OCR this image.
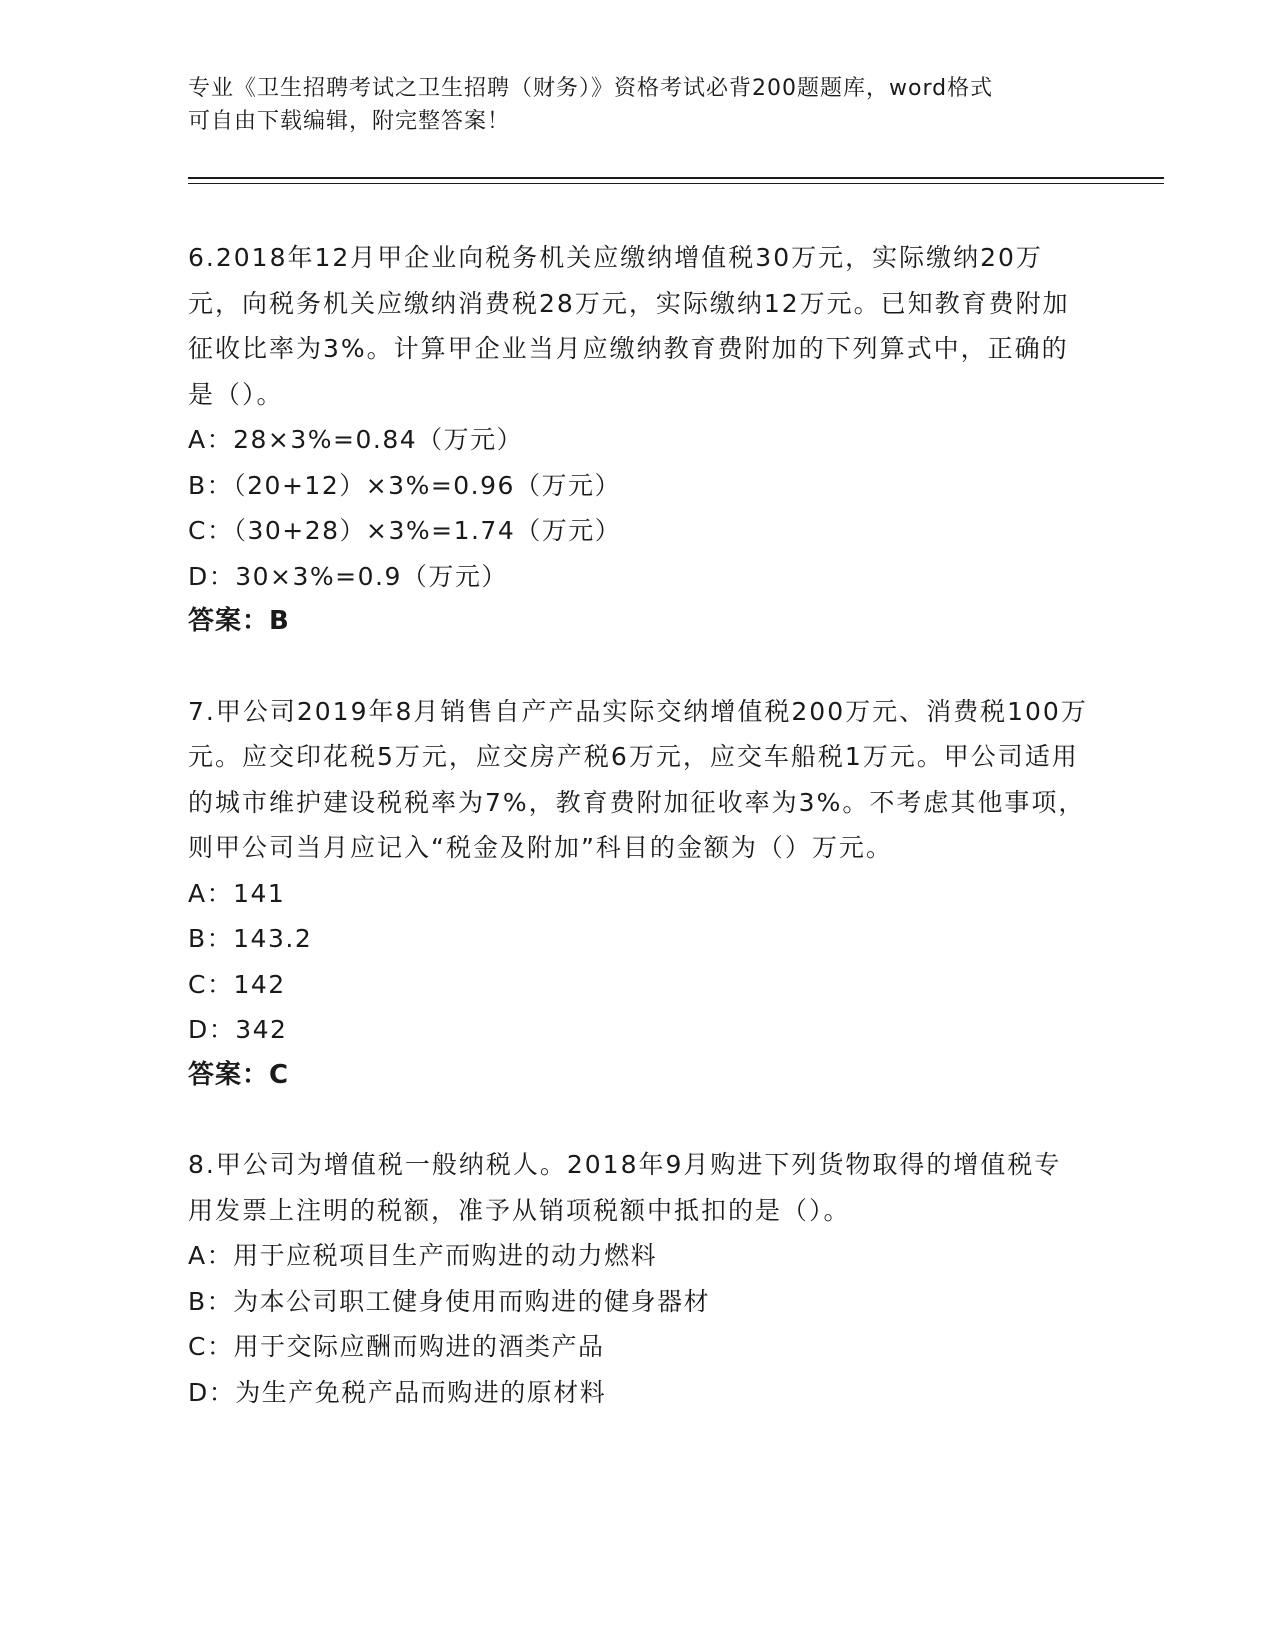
专业《卫生招聘考试之卫生招聘（财务）》资格考试必背200题题库，word格式
可自由下载编辑，附完整答案！

6.2018年12月甲企业向税务机关应缴纳增值税30万元，实际缴纳20万元，向税务机关应缴纳消费税28万元，实际缴纳12万元。已知教育费附加征收比率为3%。计算甲企业当月应缴纳教育费附加的下列算式中，正确的是（）。

A：28×3%=0.84（万元）

B：（20+12）×3%=0.96（万元）

C：（30+28）×3%=1.74（万元）

D：30×3%=0.9（万元）

答案：B

7.甲公司2019年8月销售自产产品实际交纳增值税200万元、消费税100万元。应交印花税5万元，应交房产税6万元，应交车船税1万元。甲公司适用的城市维护建设税税率为7%，教育费附加征收率为3%。不考虑其他事项，则甲公司当月应记入“税金及附加”科目的金额为（）万元。

A：141

B：143.2

C：142

D：342

答案：C

8.甲公司为增值税一般纳税人。2018年9月购进下列货物取得的增值税专用发票上注明的税额，准予从销项税额中抵扣的是（）。

A：用于应税项目生产而购进的动力燃料

B：为本公司职工健身使用而购进的健身器材

C：用于交际应酬而购进的酒类产品

D：为生产免税产品而购进的原材料
